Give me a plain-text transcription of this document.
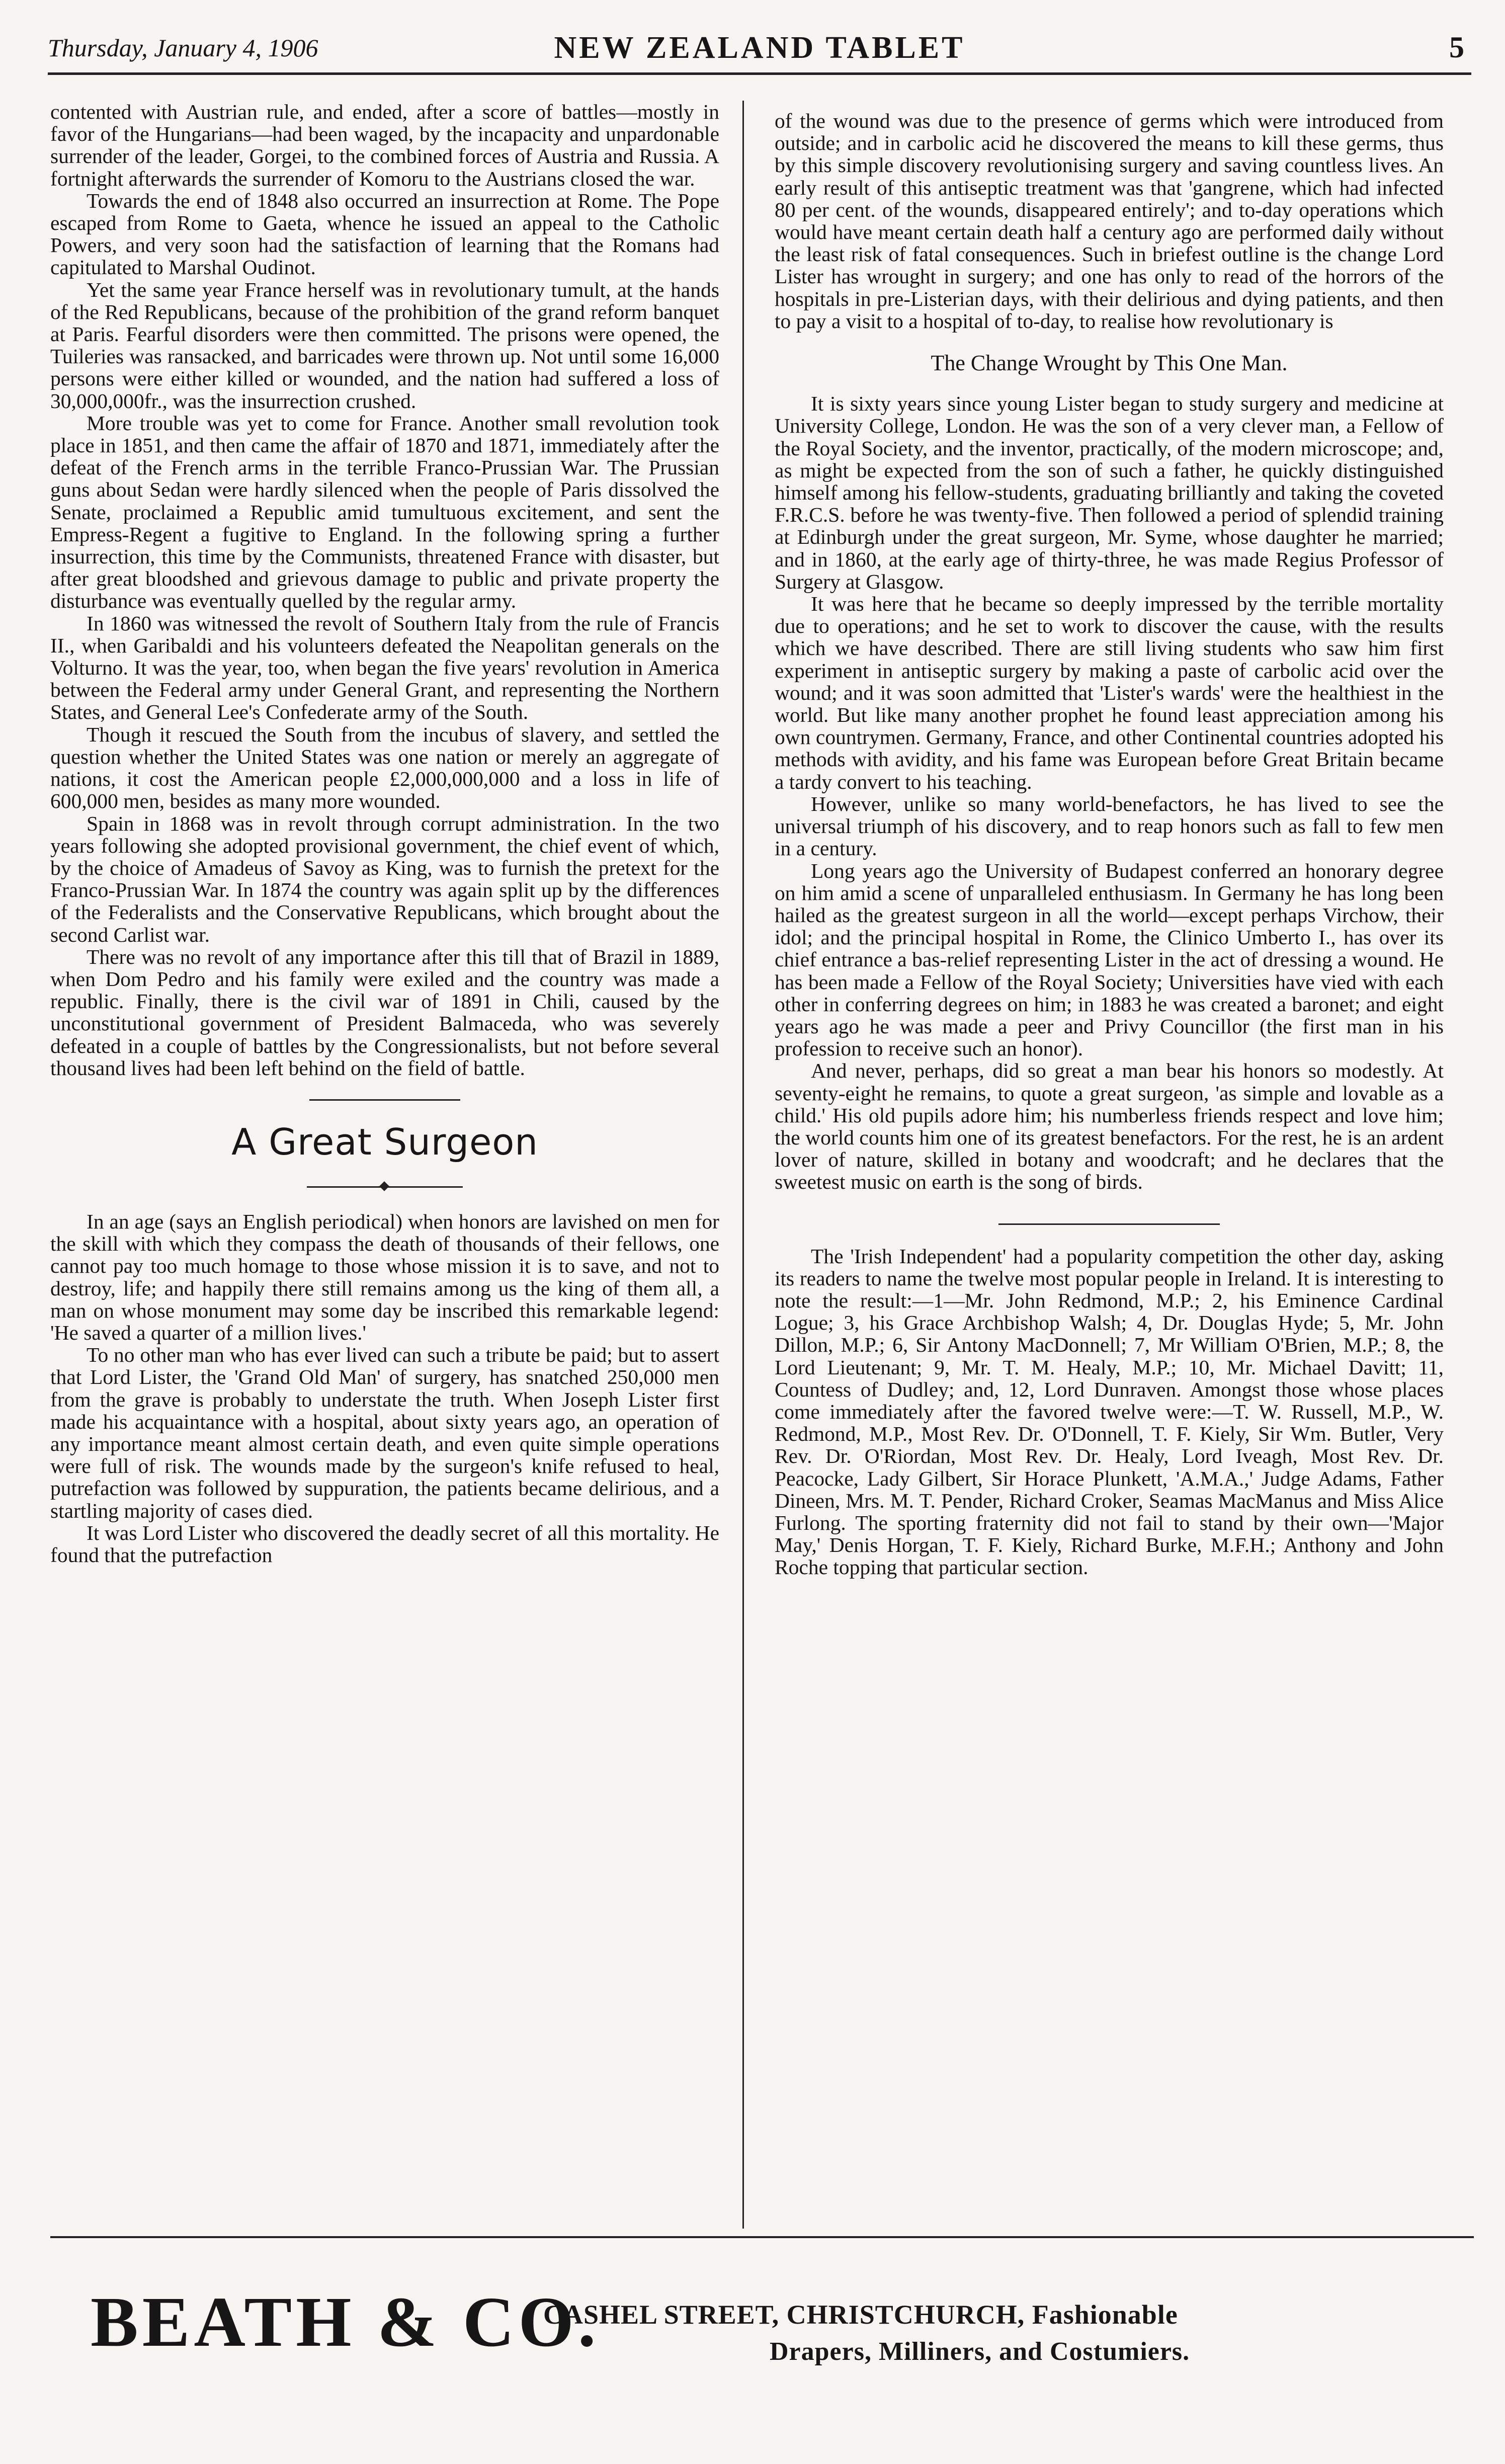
Thursday, January 4, 1906	NEW ZEALAND TABLET	5

contented with Austrian rule, and ended, after a score of battles—mostly in favor of the Hungarians—had been waged, by the incapacity and unpardonable surrender of the leader, Gorgei, to the combined forces of Austria and Russia. A fortnight afterwards the surrender of Komoru to the Austrians closed the war.

Towards the end of 1848 also occurred an insurrection at Rome. The Pope escaped from Rome to Gaeta, whence he issued an appeal to the Catholic Powers, and very soon had the satisfaction of learning that the Romans had capitulated to Marshal Oudinot.

Yet the same year France herself was in revolutionary tumult, at the hands of the Red Republicans, because of the prohibition of the grand reform banquet at Paris. Fearful disorders were then committed. The prisons were opened, the Tuileries was ransacked, and barricades were thrown up. Not until some 16,000 persons were either killed or wounded, and the nation had suffered a loss of 30,000,000fr., was the insurrection crushed.

More trouble was yet to come for France. Another small revolution took place in 1851, and then came the affair of 1870 and 1871, immediately after the defeat of the French arms in the terrible Franco-Prussian War. The Prussian guns about Sedan were hardly silenced when the people of Paris dissolved the Senate, proclaimed a Republic amid tumultuous excitement, and sent the Empress-Regent a fugitive to England. In the following spring a further insurrection, this time by the Communists, threatened France with disaster, but after great bloodshed and grievous damage to public and private property the disturbance was eventually quelled by the regular army.

In 1860 was witnessed the revolt of Southern Italy from the rule of Francis II., when Garibaldi and his volunteers defeated the Neapolitan generals on the Volturno. It was the year, too, when began the five years' revolution in America between the Federal army under General Grant, and representing the Northern States, and General Lee's Confederate army of the South.

Though it rescued the South from the incubus of slavery, and settled the question whether the United States was one nation or merely an aggregate of nations, it cost the American people £2,000,000,000 and a loss in life of 600,000 men, besides as many more wounded.

Spain in 1868 was in revolt through corrupt administration. In the two years following she adopted provisional government, the chief event of which, by the choice of Amadeus of Savoy as King, was to furnish the pretext for the Franco-Prussian War. In 1874 the country was again split up by the differences of the Federalists and the Conservative Republicans, which brought about the second Carlist war.

There was no revolt of any importance after this till that of Brazil in 1889, when Dom Pedro and his family were exiled and the country was made a republic. Finally, there is the civil war of 1891 in Chili, caused by the unconstitutional government of President Balmaceda, who was severely defeated in a couple of battles by the Congressionalists, but not before several thousand lives had been left behind on the field of battle.

A Great Surgeon

In an age (says an English periodical) when honors are lavished on men for the skill with which they compass the death of thousands of their fellows, one cannot pay too much homage to those whose mission it is to save, and not to destroy, life; and happily there still remains among us the king of them all, a man on whose monument may some day be inscribed this remarkable legend: 'He saved a quarter of a million lives.'

To no other man who has ever lived can such a tribute be paid; but to assert that Lord Lister, the 'Grand Old Man' of surgery, has snatched 250,000 men from the grave is probably to understate the truth. When Joseph Lister first made his acquaintance with a hospital, about sixty years ago, an operation of any importance meant almost certain death, and even quite simple operations were full of risk. The wounds made by the surgeon's knife refused to heal, putrefaction was followed by suppuration, the patients became delirious, and a startling majority of cases died.

It was Lord Lister who discovered the deadly secret of all this mortality. He found that the putrefaction

of the wound was due to the presence of germs which were introduced from outside; and in carbolic acid he discovered the means to kill these germs, thus by this simple discovery revolutionising surgery and saving countless lives. An early result of this antiseptic treatment was that 'gangrene, which had infected 80 per cent. of the wounds, disappeared entirely'; and to-day operations which would have meant certain death half a century ago are performed daily without the least risk of fatal consequences. Such in briefest outline is the change Lord Lister has wrought in surgery; and one has only to read of the horrors of the hospitals in pre-Listerian days, with their delirious and dying patients, and then to pay a visit to a hospital of to-day, to realise how revolutionary is

The Change Wrought by This One Man.

It is sixty years since young Lister began to study surgery and medicine at University College, London. He was the son of a very clever man, a Fellow of the Royal Society, and the inventor, practically, of the modern microscope; and, as might be expected from the son of such a father, he quickly distinguished himself among his fellow-students, graduating brilliantly and taking the coveted F.R.C.S. before he was twenty-five. Then followed a period of splendid training at Edinburgh under the great surgeon, Mr. Syme, whose daughter he married; and in 1860, at the early age of thirty-three, he was made Regius Professor of Surgery at Glasgow.

It was here that he became so deeply impressed by the terrible mortality due to operations; and he set to work to discover the cause, with the results which we have described. There are still living students who saw him first experiment in antiseptic surgery by making a paste of carbolic acid over the wound; and it was soon admitted that 'Lister's wards' were the healthiest in the world. But like many another prophet he found least appreciation among his own countrymen. Germany, France, and other Continental countries adopted his methods with avidity, and his fame was European before Great Britain became a tardy convert to his teaching.

However, unlike so many world-benefactors, he has lived to see the universal triumph of his discovery, and to reap honors such as fall to few men in a century.

Long years ago the University of Budapest conferred an honorary degree on him amid a scene of unparalleled enthusiasm. In Germany he has long been hailed as the greatest surgeon in all the world—except perhaps Virchow, their idol; and the principal hospital in Rome, the Clinico Umberto I., has over its chief entrance a bas-relief representing Lister in the act of dressing a wound. He has been made a Fellow of the Royal Society; Universities have vied with each other in conferring degrees on him; in 1883 he was created a baronet; and eight years ago he was made a peer and Privy Councillor (the first man in his profession to receive such an honor).

And never, perhaps, did so great a man bear his honors so modestly. At seventy-eight he remains, to quote a great surgeon, 'as simple and lovable as a child.' His old pupils adore him; his numberless friends respect and love him; the world counts him one of its greatest benefactors. For the rest, he is an ardent lover of nature, skilled in botany and woodcraft; and he declares that the sweetest music on earth is the song of birds.

The 'Irish Independent' had a popularity competition the other day, asking its readers to name the twelve most popular people in Ireland. It is interesting to note the result:—1—Mr. John Redmond, M.P.; 2, his Eminence Cardinal Logue; 3, his Grace Archbishop Walsh; 4, Dr. Douglas Hyde; 5, Mr. John Dillon, M.P.; 6, Sir Antony MacDonnell; 7, Mr William O'Brien, M.P.; 8, the Lord Lieutenant; 9, Mr. T. M. Healy, M.P.; 10, Mr. Michael Davitt; 11, Countess of Dudley; and, 12, Lord Dunraven. Amongst those whose places come immediately after the favored twelve were:—T. W. Russell, M.P., W. Redmond, M.P., Most Rev. Dr. O'Donnell, T. F. Kiely, Sir Wm. Butler, Very Rev. Dr. O'Riordan, Most Rev. Dr. Healy, Lord Iveagh, Most Rev. Dr. Peacocke, Lady Gilbert, Sir Horace Plunkett, 'A.M.A.,' Judge Adams, Father Dineen, Mrs. M. T. Pender, Richard Croker, Seamas MacManus and Miss Alice Furlong. The sporting fraternity did not fail to stand by their own—'Major May,' Denis Horgan, T. F. Kiely, Richard Burke, M.F.H.; Anthony and John Roche topping that particular section.

BEATH & CO.
CASHEL STREET, CHRISTCHURCH, Fashionable
Drapers, Milliners, and Costumiers.
